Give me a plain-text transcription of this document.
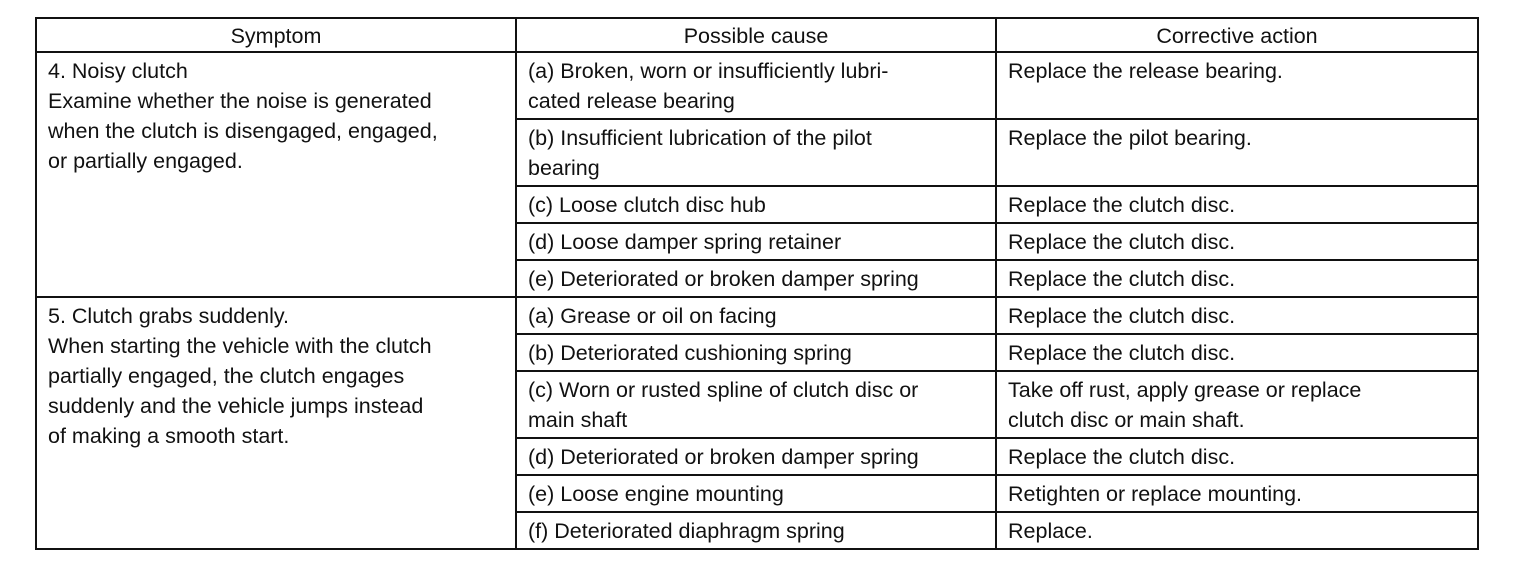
Symptom	Possible cause	Corrective action

4. Noisy clutch
Examine whether the noise is generated
when the clutch is disengaged, engaged,
or partially engaged.	(a) Broken, worn or insufficiently lubri-
cated release bearing	Replace the release bearing.

	(b) Insufficient lubrication of the pilot
bearing	Replace the pilot bearing.

	(c) Loose clutch disc hub	Replace the clutch disc.

	(d) Loose damper spring retainer	Replace the clutch disc.

	(e) Deteriorated or broken damper spring	Replace the clutch disc.

5. Clutch grabs suddenly.
When starting the vehicle with the clutch
partially engaged, the clutch engages
suddenly and the vehicle jumps instead
of making a smooth start.	(a) Grease or oil on facing	Replace the clutch disc.

	(b) Deteriorated cushioning spring	Replace the clutch disc.

	(c) Worn or rusted spline of clutch disc or
main shaft	Take off rust, apply grease or replace
clutch disc or main shaft.

	(d) Deteriorated or broken damper spring	Replace the clutch disc.

	(e) Loose engine mounting	Retighten or replace mounting.

	(f) Deteriorated diaphragm spring	Replace.
